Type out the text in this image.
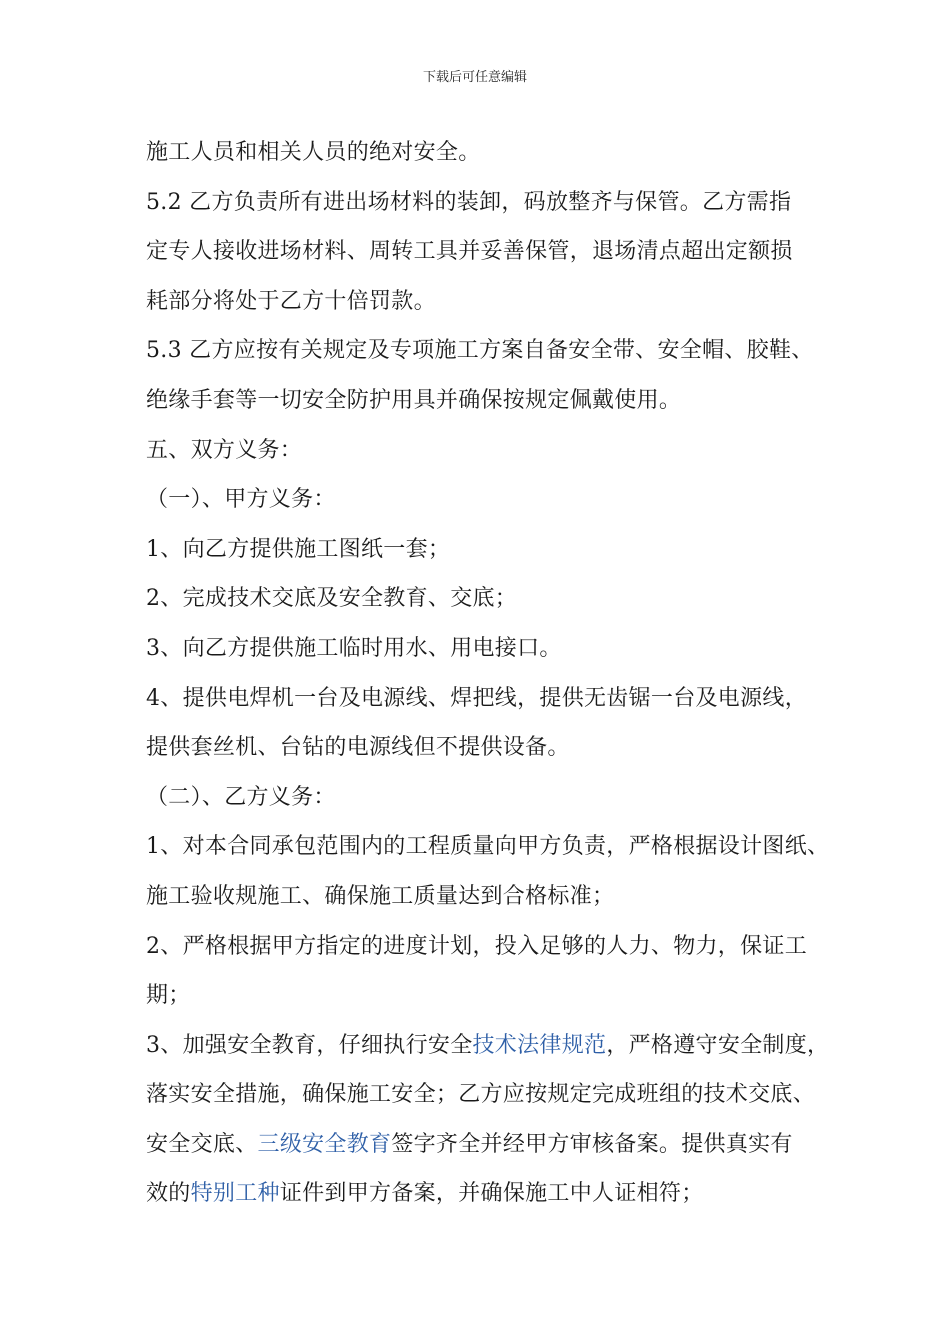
下载后可任意编辑
施工人员和相关人员的绝对安全。
5.2 乙方负责所有进出场材料的装卸，码放整齐与保管。乙方需指
定专人接收进场材料、周转工具并妥善保管，退场清点超出定额损
耗部分将处于乙方十倍罚款。
5.3 乙方应按有关规定及专项施工方案自备安全带、安全帽、胶鞋、
绝缘手套等一切安全防护用具并确保按规定佩戴使用。
五、双方义务：
（一）、甲方义务：
1、向乙方提供施工图纸一套；
2、完成技术交底及安全教育、交底；
3、向乙方提供施工临时用水、用电接口。
4、提供电焊机一台及电源线、焊把线，提供无齿锯一台及电源线，
提供套丝机、台钻的电源线但不提供设备。
（二）、乙方义务：
1、对本合同承包范围内的工程质量向甲方负责，严格根据设计图纸、
施工验收规施工、确保施工质量达到合格标准；
2、严格根据甲方指定的进度计划，投入足够的人力、物力，保证工
期；
3、加强安全教育，仔细执行安全技术法律规范，严格遵守安全制度，
落实安全措施，确保施工安全；乙方应按规定完成班组的技术交底、
安全交底、三级安全教育签字齐全并经甲方审核备案。提供真实有
效的特别工种证件到甲方备案，并确保施工中人证相符；
